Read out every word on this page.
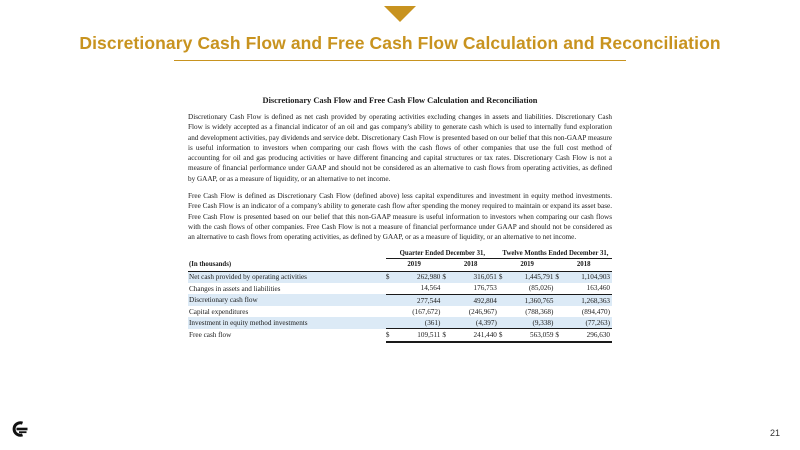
Discretionary Cash Flow and Free Cash Flow Calculation and Reconciliation
Discretionary Cash Flow and Free Cash Flow Calculation and Reconciliation

Discretionary Cash Flow is defined as net cash provided by operating activities excluding changes in assets and liabilities. Discretionary Cash Flow is widely accepted as a financial indicator of an oil and gas company's ability to generate cash which is used to internally fund exploration and development activities, pay dividends and service debt. Discretionary Cash Flow is presented based on our belief that this non-GAAP measure is useful information to investors when comparing our cash flows with the cash flows of other companies that use the full cost method of accounting for oil and gas producing activities or have different financing and capital structures or tax rates. Discretionary Cash Flow is not a measure of financial performance under GAAP and should not be considered as an alternative to cash flows from operating activities, as defined by GAAP, or as a measure of liquidity, or an alternative to net income.

Free Cash Flow is defined as Discretionary Cash Flow (defined above) less capital expenditures and investment in equity method investments. Free Cash Flow is an indicator of a company's ability to generate cash flow after spending the money required to maintain or expand its asset base. Free Cash Flow is presented based on our belief that this non-GAAP measure is useful information to investors when comparing our cash flows with the cash flows of other companies. Free Cash Flow is not a measure of financial performance under GAAP and should not be considered as an alternative to cash flows from operating activities, as defined by GAAP, or as a measure of liquidity, or an alternative to net income.

	Quarter Ended December 31,				Twelve Months Ended December 31,			
(In thousands)	2019		2018		2019		2018	
Net cash provided by operating activities	$	262,980	$	316,051	$	1,445,791	$	1,104,903
Changes in assets and liabilities		14,564		176,753		(85,026)		163,460
Discretionary cash flow		277,544		492,804		1,360,765		1,268,363
Capital expenditures		(167,672)		(246,967)		(788,368)		(894,470)
Investment in equity method investments		(361)		(4,397)		(9,338)		(77,263)
Free cash flow	$	109,511	$	241,440	$	563,059	$	296,630
21
